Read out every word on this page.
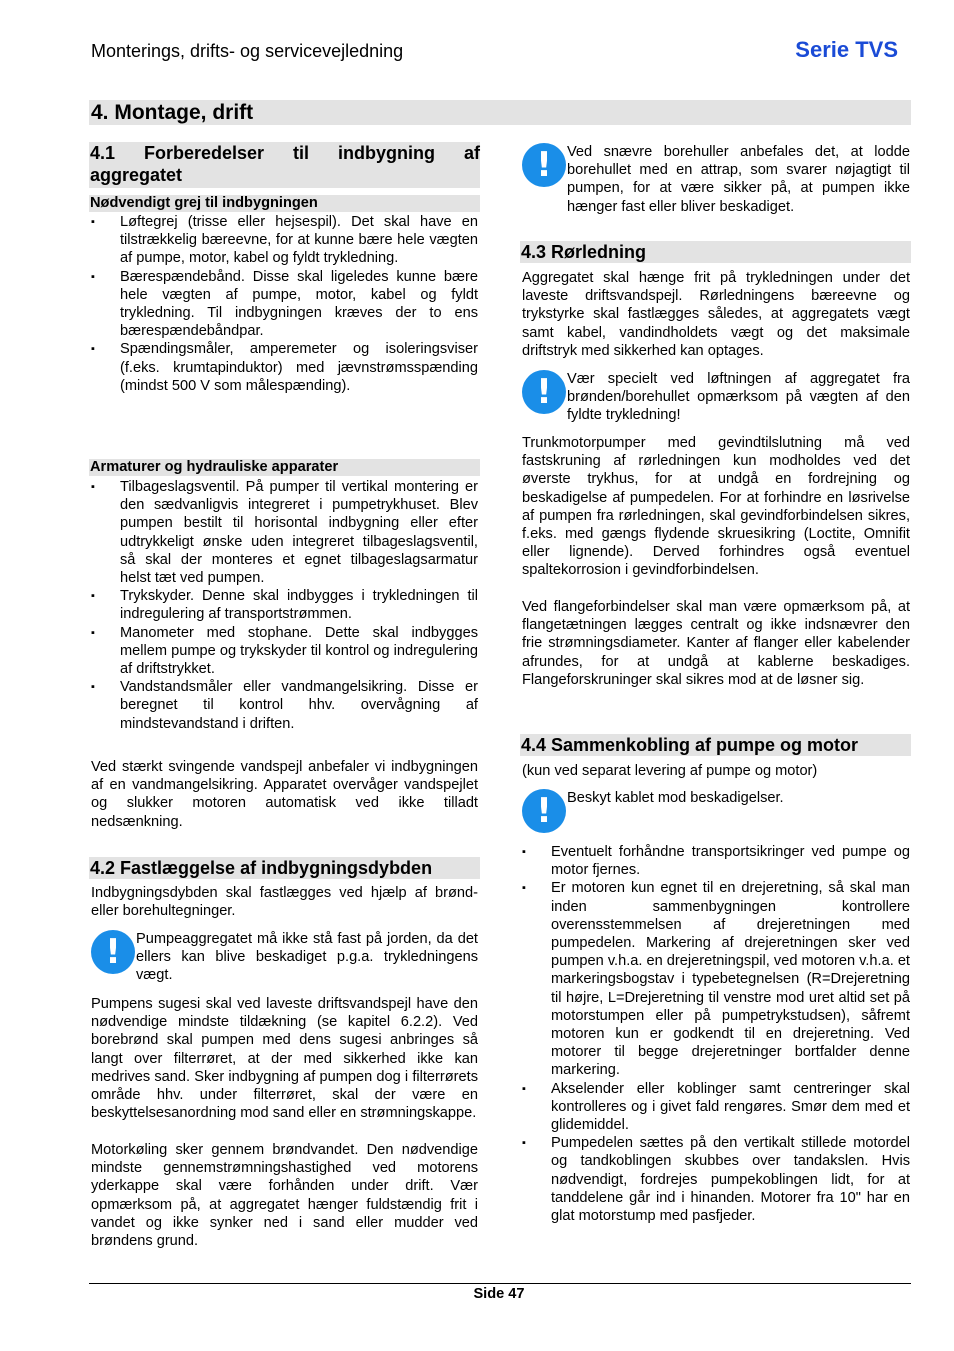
Monterings, drifts- og servicevejledning	Serie TVS
4. Montage, drift
4.1 Forberedelser til indbygning af aggregatet
Nødvendigt grej til indbygningen
▪ Løftegrej (trisse eller hejsespil). Det skal have en tilstrækkelig bæreevne, for at kunne bære hele vægten af pumpe, motor, kabel og fyldt trykledning.
▪ Bærespændebånd. Disse skal ligeledes kunne bære hele vægten af pumpe, motor, kabel og fyldt trykledning. Til indbygningen kræves der to ens bærespændebåndpar.
▪ Spændingsmåler, amperemeter og isoleringsviser (f.eks. krumtapinduktor) med jævnstrømsspænding (mindst 500 V som målespænding).
Armaturer og hydrauliske apparater
▪ Tilbageslagsventil. På pumper til vertikal montering er den sædvanligvis integreret i pumpetrykhuset. Blev pumpen bestilt til horisontal indbygning eller efter udtrykkeligt ønske uden integreret tilbageslagsventil, så skal der monteres et egnet tilbageslagsarmatur helst tæt ved pumpen.
▪ Trykskyder. Denne skal indbygges i trykledningen til indregulering af transportstrømmen.
▪ Manometer med stophane. Dette skal indbygges mellem pumpe og trykskyder til kontrol og indregulering af driftstrykket.
▪ Vandstandsmåler eller vandmangelsikring. Disse er beregnet til kontrol hhv. overvågning af mindstevandstand i driften.

Ved stærkt svingende vandspejl anbefaler vi indbygningen af en vandmangelsikring. Apparatet overvåger vandspejlet og slukker motoren automatisk ved ikke tilladt nedsænkning.

4.2 Fastlæggelse af indbygningsdybden

Indbygningsdybden skal fastlægges ved hjælp af brønd- eller borehultegninger.

!	Pumpeaggregatet må ikke stå fast på jorden, da det ellers kan blive beskadiget p.g.a. trykledningens vægt.

Pumpens sugesi skal ved laveste driftsvandspejl have den nødvendige mindste tildækning (se kapitel 6.2.2). Ved borebrønd skal pumpen med dens sugesi anbringes så langt over filterrøret, at der med sikkerhed ikke kan medrives sand. Sker indbygning af pumpen dog i filterrørets område hhv. under filterrøret, skal der være en beskyttelsesanordning mod sand eller en strømningskappe.

Motorkøling sker gennem brøndvandet. Den nødvendige mindste gennemstrømningshastighed ved motorens yderkappe skal være forhånden under drift. Vær opmærksom på, at aggregatet hænger fuldstændig frit i vandet og ikke synker ned i sand eller mudder ved brøndens grund.

!	Ved snævre borehuller anbefales det, at lodde borehullet med en attrap, som svarer nøjagtigt til pumpen, for at være sikker på, at pumpen ikke hænger fast eller bliver beskadiget.
4.3 Rørledning

Aggregatet skal hænge frit på trykledningen under det laveste driftsvandspejl. Rørledningens bæreevne og trykstyrke skal fastlægges således, at aggregatets vægt samt kabel, vandindholdets vægt og det maksimale driftstryk med sikkerhed kan optages.

!	Vær specielt ved løftningen af aggregatet fra brønden/borehullet opmærksom på vægten af den fyldte trykledning!

Trunkmotorpumper med gevindtilslutning må ved fastskruning af rørledningen kun modholdes ved det øverste trykhus, for at undgå en fordrejning og beskadigelse af pumpedelen. For at forhindre en løsrivelse af pumpen fra rørledningen, skal gevindforbindelsen sikres, f.eks. med gængs flydende skruesikring (Loctite, Omnifit eller lignende). Derved forhindres også eventuel spaltekorrosion i gevindforbindelsen.

Ved flangeforbindelser skal man være opmærksom på, at flangetætningen lægges centralt og ikke indsnævrer den frie strømningsdiameter. Kanter af flanger eller kabelender afrundes, for at undgå at kablerne beskadiges. Flangeforskruninger skal sikres mod at de løsner sig.

4.4 Sammenkobling af pumpe og motor

(kun ved separat levering af pumpe og motor)

!	Beskyt kablet mod beskadigelser.
▪ Eventuelt forhåndne transportsikringer ved pumpe og motor fjernes.
▪ Er motoren kun egnet til en drejeretning, så skal man inden sammenbygningen kontrollere overensstemmelsen af drejeretningen med pumpedelen. Markering af drejeretningen sker ved pumpen v.h.a. en drejeretningspil, ved motoren v.h.a. et markeringsbogstav i typebetegnelsen (R=Drejeretning til højre, L=Drejeretning til venstre mod uret altid set på motorstumpen eller på pumpetrykstudsen), såfremt motoren kun er godkendt til en drejeretning. Ved motorer til begge drejeretninger bortfalder denne markering.
▪ Akselender eller koblinger samt centreringer skal kontrolleres og i givet fald rengøres. Smør dem med et glidemiddel.
▪ Pumpedelen sættes på den vertikalt stillede motordel og tandkoblingen skubbes over tandakslen. Hvis nødvendigt, fordrejes pumpekoblingen lidt, for at tanddelene går ind i hinanden. Motorer fra 10" har en glat motorstump med pasfjeder.
Side 47
